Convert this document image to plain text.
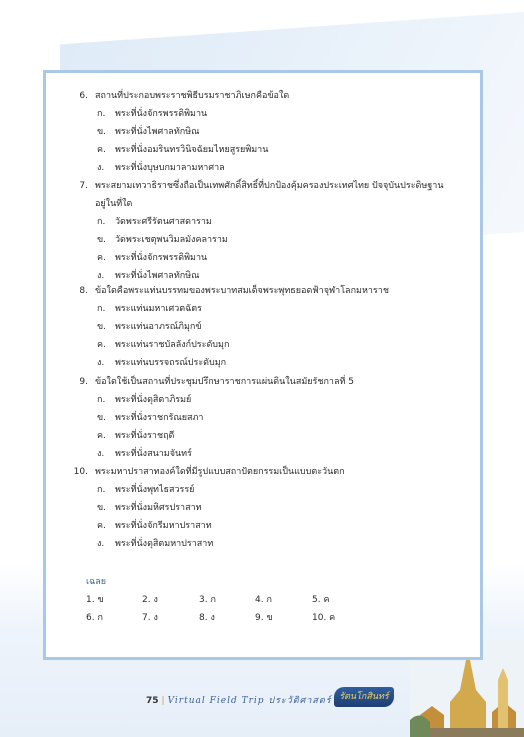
6. สถานที่ประกอบพระราชพิธีบรมราชาภิเษกคือข้อใด
ก. พระที่นั่งจักรพรรดิพิมาน
ข. พระที่นั่งไพศาลทักษิณ
ค. พระที่นั่งอมรินทรวินิจฉัยมไหยสูรยพิมาน
ง. พระที่นั่งบุษบกมาลามหาศาล
7. พระสยามเทวาธิราชซึ่งถือเป็นเทพศักดิ์สิทธิ์ที่ปกป้องคุ้มครองประเทศไทย ปัจจุบันประดิษฐาน
อยู่ในที่ใด
ก. วัดพระศรีรัตนศาสดาราม
ข. วัดพระเชตุพนวิมลมังคลาราม
ค. พระที่นั่งจักรพรรดิพิมาน
ง. พระที่นั่งไพศาลทักษิณ
8. ข้อใดคือพระแท่นบรรทมของพระบาทสมเด็จพระพุทธยอดฟ้าจุฬาโลกมหาราช
ก. พระแท่นมหาเศวตฉัตร
ข. พระแท่นอาภรณ์ภิมุกข์
ค. พระแท่นราชบัลลังก์ประดับมุก
ง. พระแท่นบรรจถรณ์ประดับมุก
9. ข้อใดใช้เป็นสถานที่ประชุมปรึกษาราชการแผ่นดินในสมัยรัชกาลที่ 5
ก. พระที่นั่งดุสิตาภิรมย์
ข. พระที่นั่งราชกรัณยสภา
ค. พระที่นั่งราชฤดี
ง. พระที่นั่งสนามจันทร์
10. พระมหาปราสาทองค์ใดที่มีรูปแบบสถาปัตยกรรมเป็นแบบตะวันตก
ก. พระที่นั่งพุทไธสวรรย์
ข. พระที่นั่งมหิศรปราสาท
ค. พระที่นั่งจักรีมหาปราสาท
ง. พระที่นั่งดุสิตมหาปราสาท
เฉลย
1. ข	2. ง	3. ก	4. ก	5. ค
6. ก	7. ง	8. ง	9. ข	10. ค
75 | Virtual Field Trip ประวัติศาสตร์ รัตนโกสินทร์
